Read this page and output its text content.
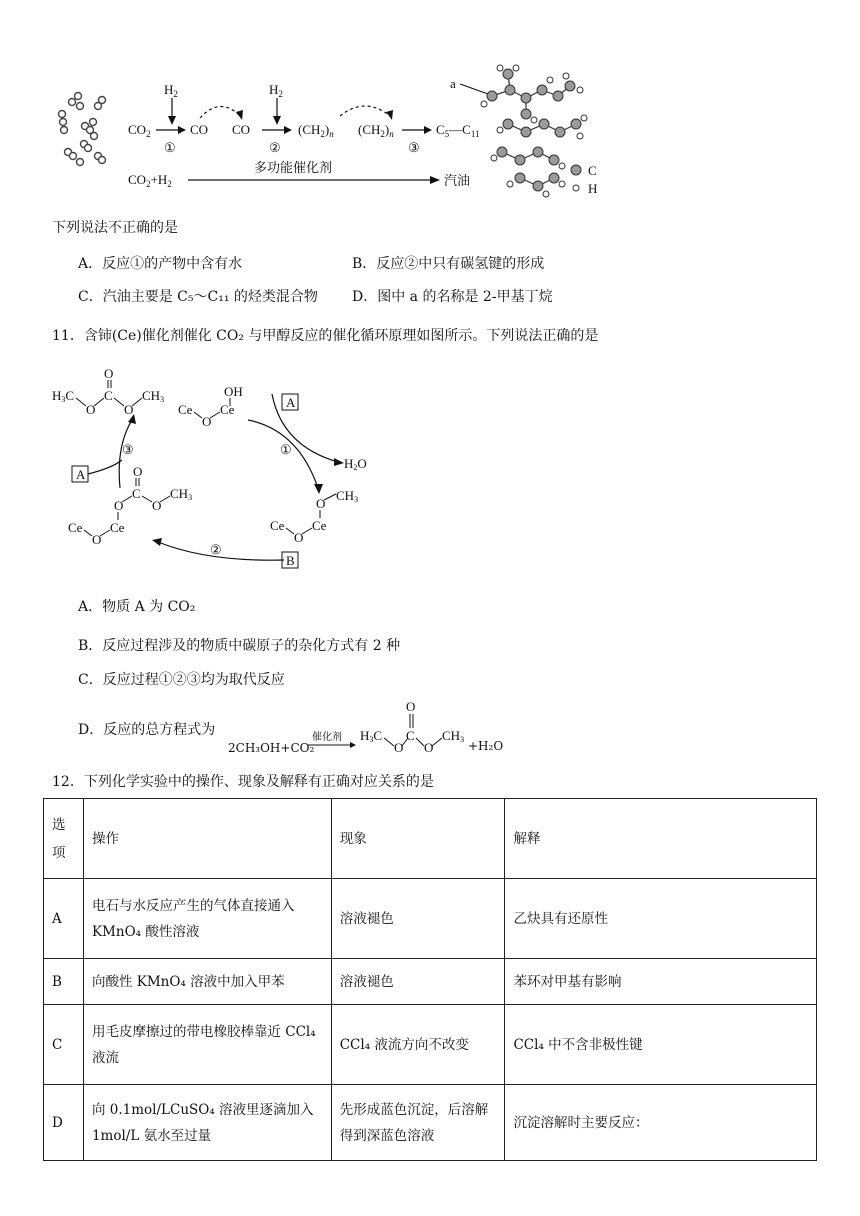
$CO_2$
$H_2$
①
CO CO
$H_2$
②
$(CH_2)_n$ $(CH_2)_n$
③
$C_5—C_{11}$
$CO_2+H_2$
多功能催化剂
汽油
a
C
H
下列说法不正确的是
A．反应①的产物中含有水	B．反应②中只有碳氢键的形成
C．汽油主要是 C₅～C₁₁ 的烃类混合物 D．图中 a 的名称是 2-甲基丁烷
11．含铈(Ce)催化剂催化 CO₂ 与甲醇反应的催化循环原理如图所示。下列说法正确的是
H3C
O
C
O
O
CH3
OH
Ce
O
Ce	A
①
H2O
Ce
O
Ce
O
CH3
B
②
Ce
O
Ce
O
C
O
O
CH3
A
③
A．物质 A 为 CO₂
B．反应过程涉及的物质中碳原子的杂化方式有 2 种
C．反应过程①②③均为取代反应
D．反应的总方程式为
2CH₃OH+CO₂
催化剂 H3C
O
C
O
O
CH3 +H₂O
12．下列化学实验中的操作、现象及解释有正确对应关系的是
选项	操作	现象	解释
A	电石与水反应产生的气体直接通入 KMnO₄ 酸性溶液	溶液褪色	乙炔具有还原性
B	向酸性 KMnO₄ 溶液中加入甲苯	溶液褪色	苯环对甲基有影响
C	用毛皮摩擦过的带电橡胶棒靠近 CCl₄ 液流	CCl₄ 液流方向不改变	CCl₄ 中不含非极性键
D	向 0.1mol/LCuSO₄ 溶液里逐滴加入 1mol/L 氨水至过量	先形成蓝色沉淀，后溶解得到深蓝色溶液	沉淀溶解时主要反应：
